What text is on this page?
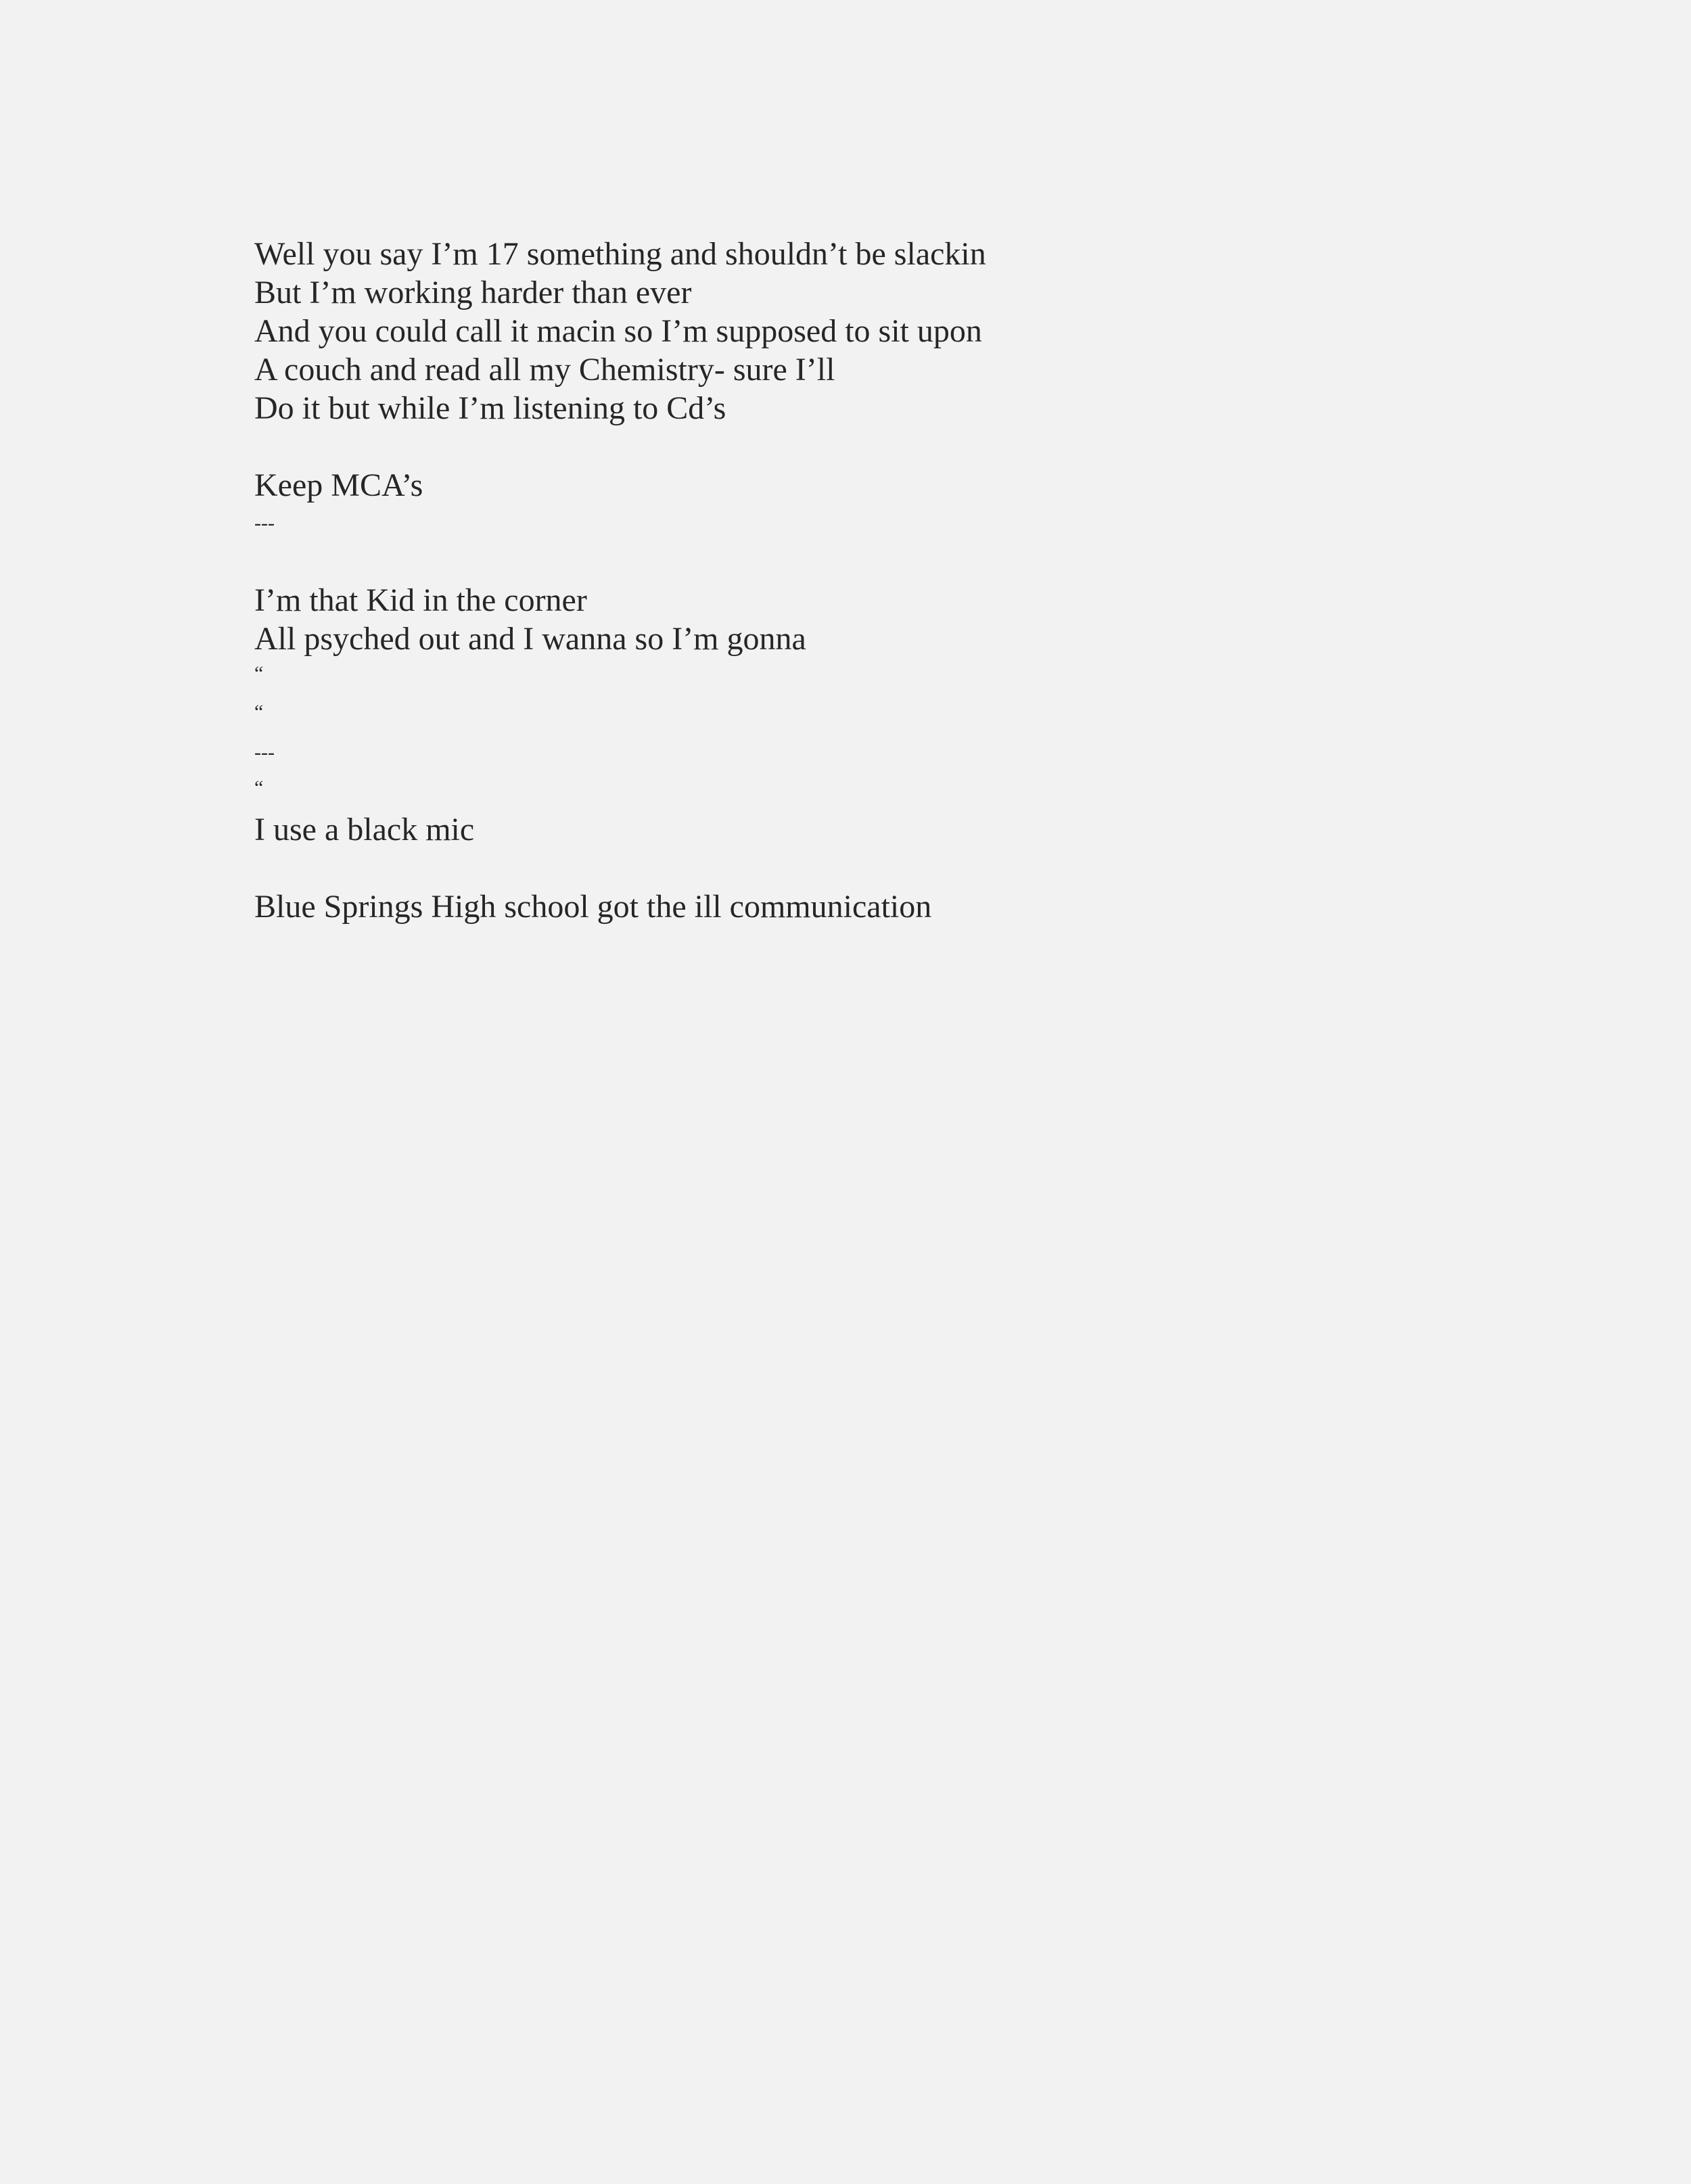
Well you say I’m 17 something and shouldn’t be slackin

But I’m working harder than ever

And you could call it macin so I’m supposed to sit upon

A couch and read all my Chemistry- sure I’ll

Do it but while I’m listening to Cd’s

Keep MCA’s

---

I’m that Kid in the corner

All psyched out and I wanna so I’m gonna

“

“

---

“

I use a black mic

Blue Springs High school got the ill communication
